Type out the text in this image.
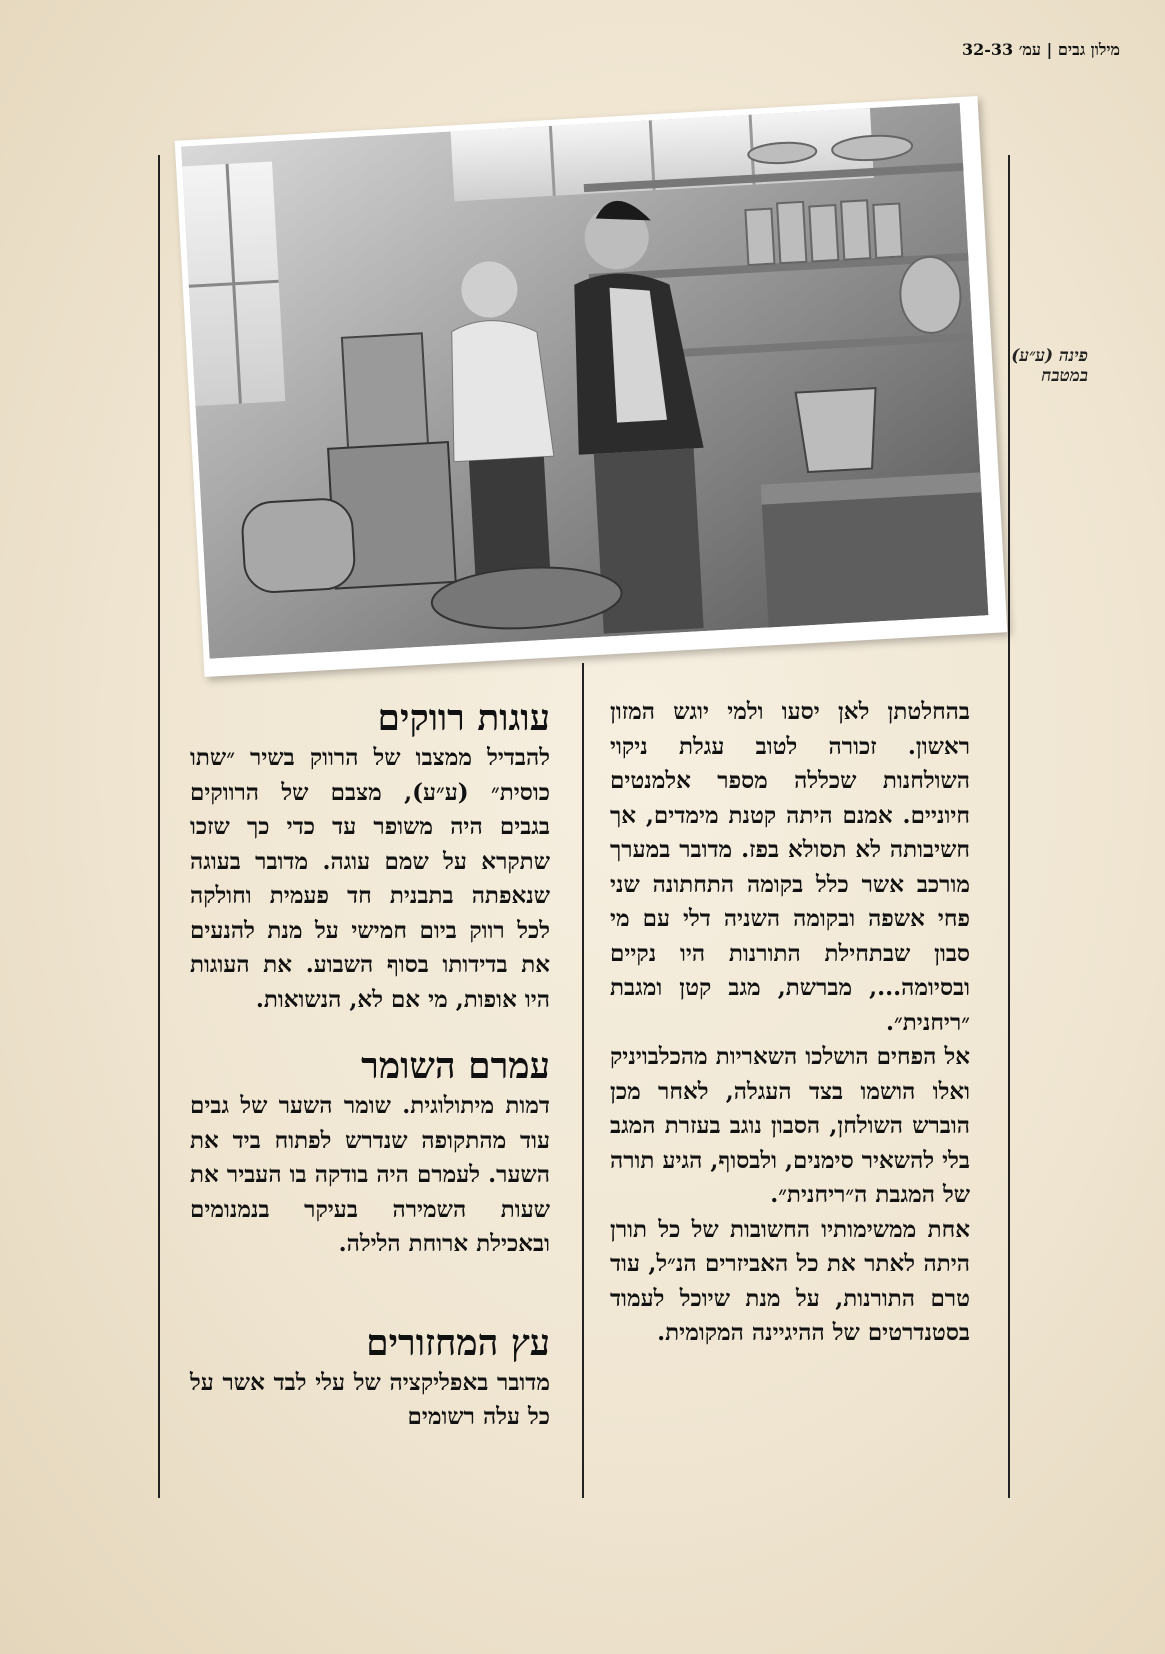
מילון גבים | עמ׳ 32-33
פינה (ע״ע) במטבח

בהחלטתן לאן יסעו ולמי יוגש המזון ראשון. זכורה לטוב עגלת ניקוי השולחנות שכללה מספר אלמנטים חיוניים. אמנם היתה קטנת מימדים, אך חשיבותה לא תסולא בפז. מדובר במערך מורכב אשר כלל בקומה התחתונה שני פחי אשפה ובקומה השניה דלי עם מי סבון שבתחילת התורנות היו נקיים ובסיומה..., מברשת, מגב קטן ומגבת ״ריחנית״.

אל הפחים הושלכו השאריות מהכלבויניק ואלו הושמו בצד העגלה, לאחר מכן הוברש השולחן, הסבון נוגב בעזרת המגב בלי להשאיר סימנים, ולבסוף, הגיע תורה של המגבת ה״ריחנית״.

אחת ממשימותיו החשובות של כל תורן היתה לאתר את כל האביזרים הנ״ל, עוד טרם התורנות, על מנת שיוכל לעמוד בסטנדרטים של ההיגיינה המקומית.

עוגות רווקים

להבדיל ממצבו של הרווק בשיר ״שתו כוסית״ (ע״ע), מצבם של הרווקים בגבים היה משופר עד כדי כך שזכו שתקרא על שמם עוגה. מדובר בעוגה שנאפתה בתבנית חד פעמית וחולקה לכל רווק ביום חמישי על מנת להנעים את בדידותו בסוף השבוע. את העוגות היו אופות, מי אם לא, הנשואות.

עמרם השומר

דמות מיתולוגית. שומר השער של גבים עוד מהתקופה שנדרש לפתוח ביד את השער. לעמרם היה בודקה בו העביר את שעות השמירה בעיקר בנמנומים ובאכילת ארוחת הלילה.

עץ המחזורים

מדובר באפליקציה של עלי לבד אשר על כל עלה רשומים
